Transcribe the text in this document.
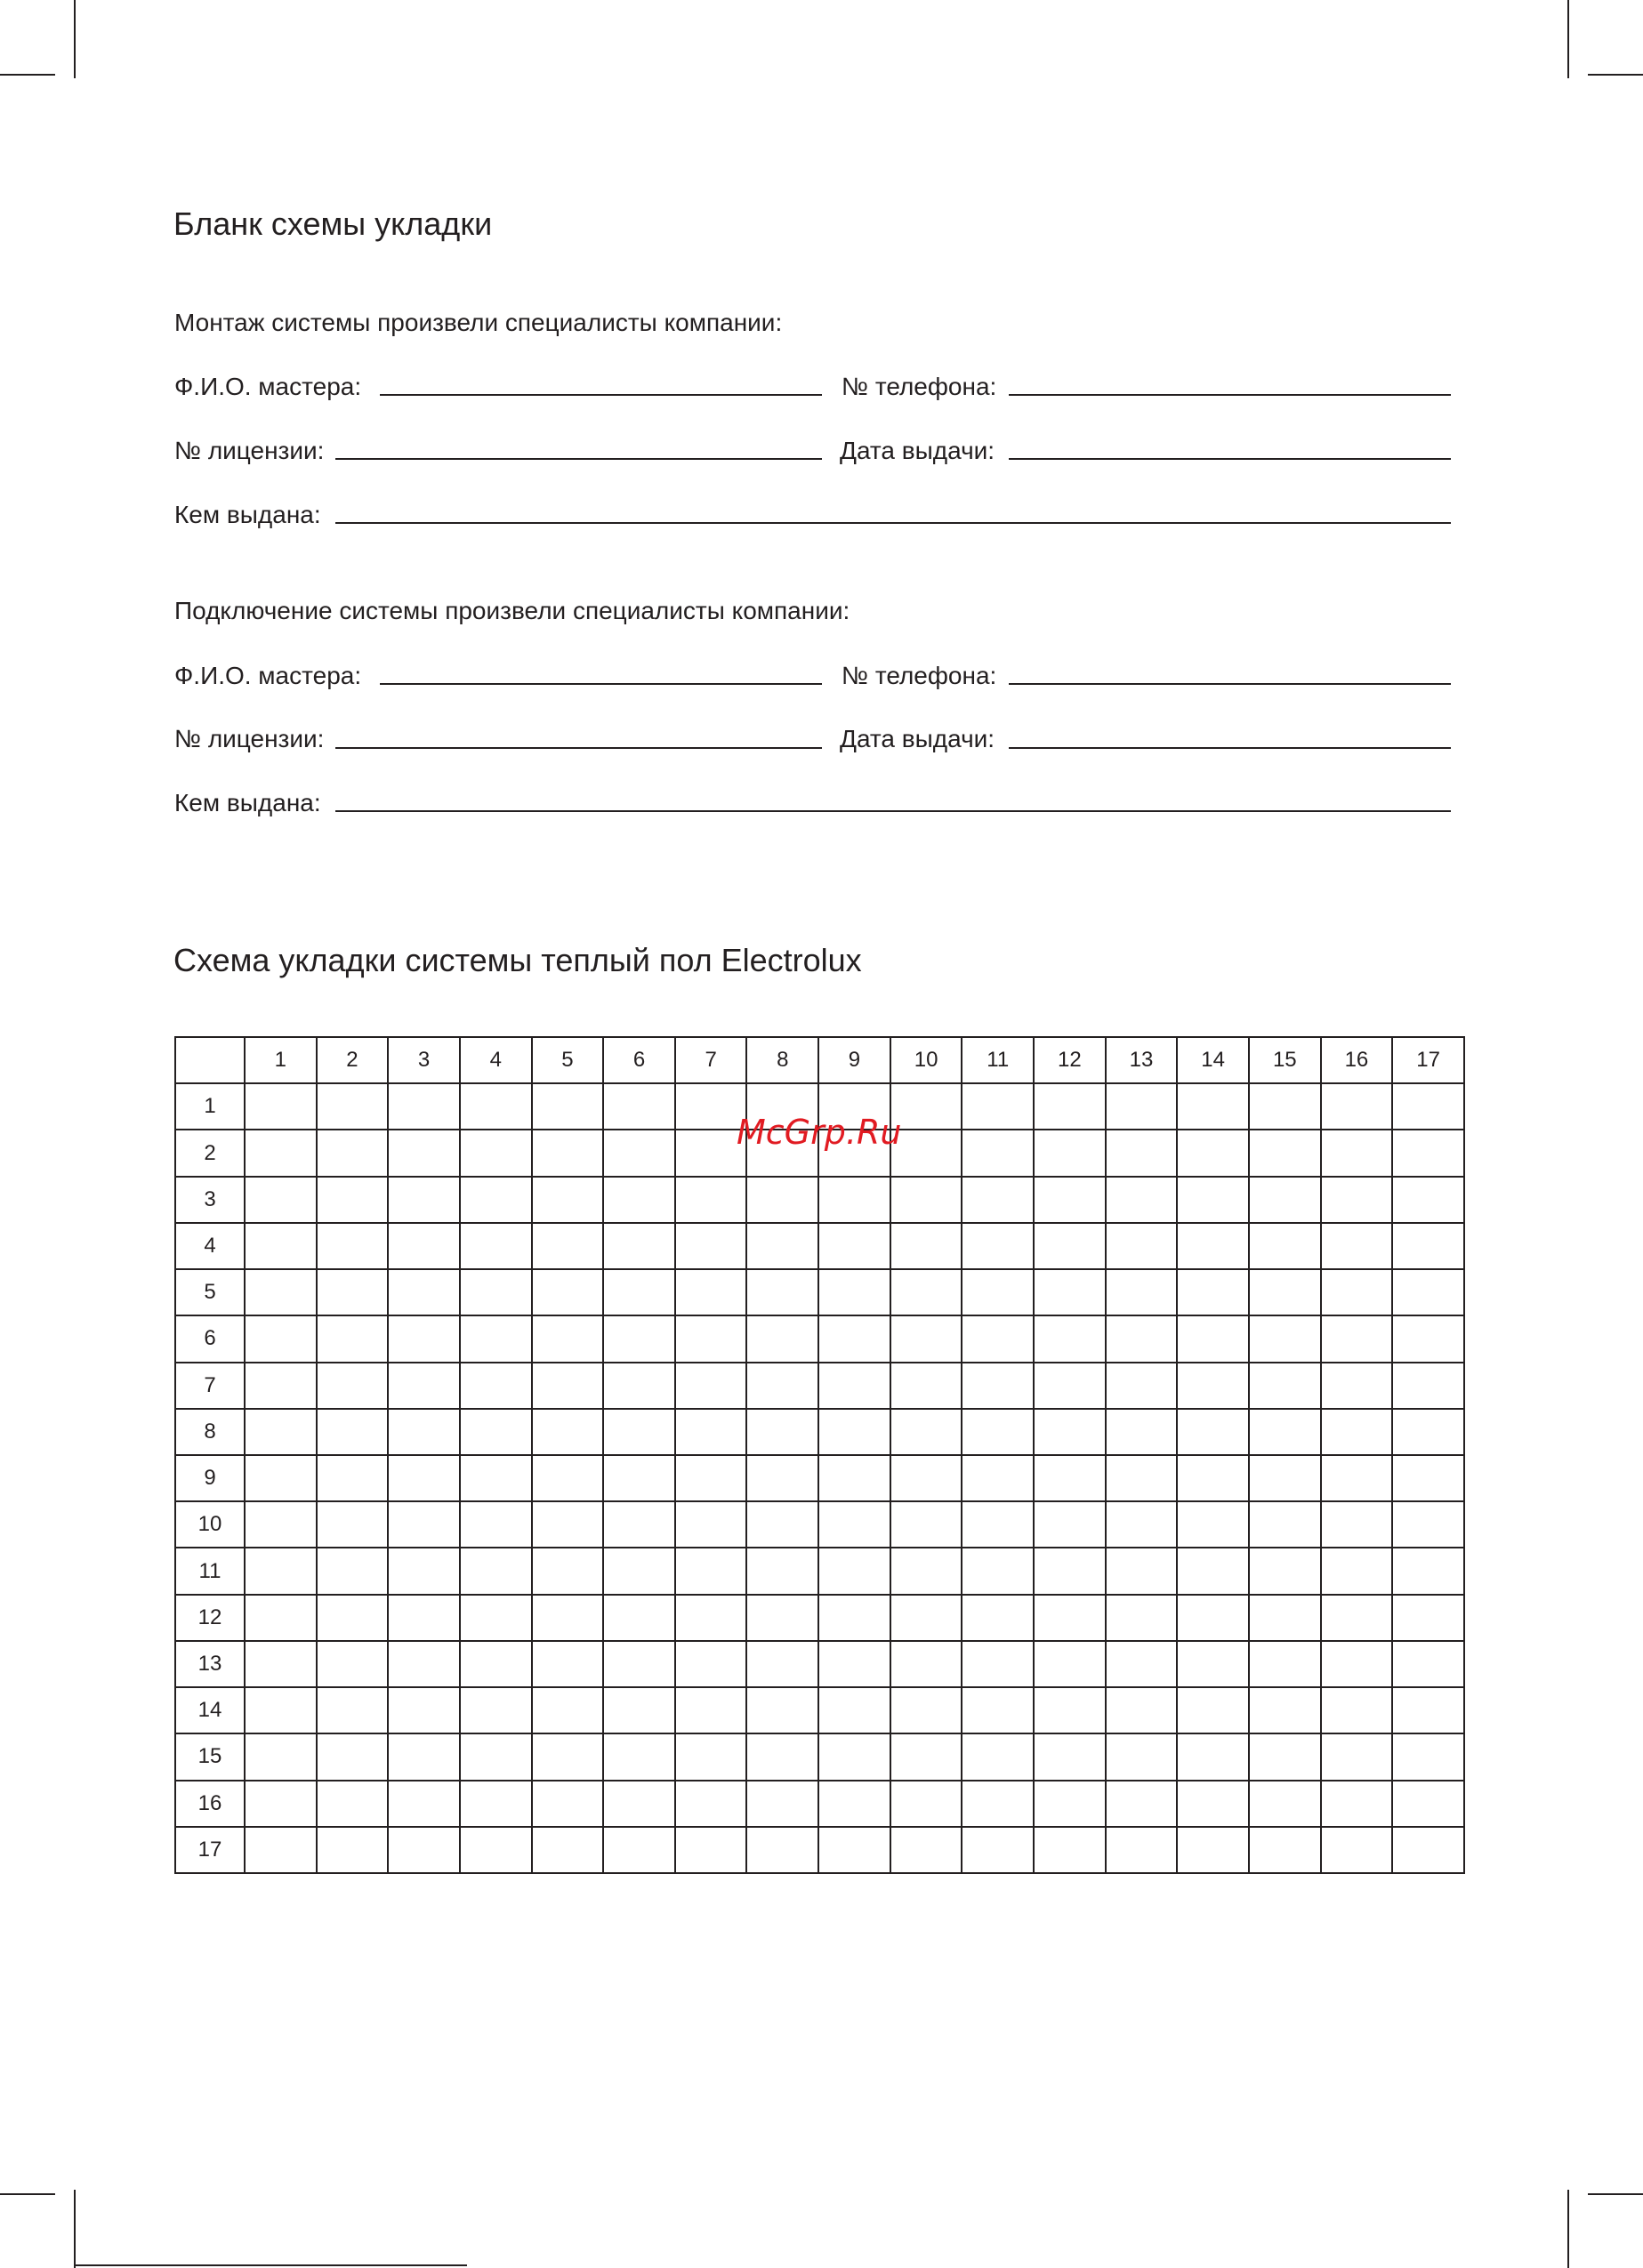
Бланк схемы укладки
Монтаж системы произвели специалисты компании:
Ф.И.О. мастера:	№ телефона:
№ лицензии:	Дата выдачи:
Кем выдана:
Подключение системы произвели специалисты компании:
Ф.И.О. мастера:	№ телефона:
№ лицензии:	Дата выдачи:
Кем выдана:
Схема укладки системы теплый пол Electrolux
	1	2	3	4	5	6	7	8	9	10	11	12	13	14	15	16	17
1																	
2																	
3																	
4																	
5																	
6																	
7																	
8																	
9																	
10																	
11																	
12																	
13																	
14																	
15																	
16																	
17																	
McGrp.Ru
